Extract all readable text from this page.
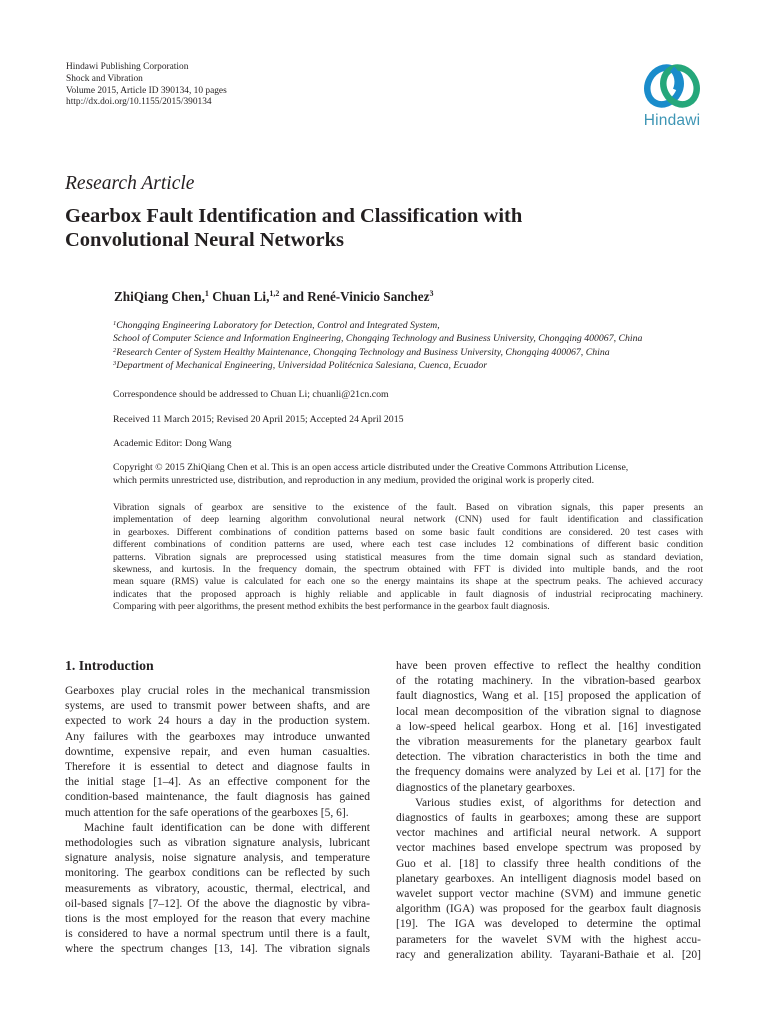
Hindawi Publishing Corporation
Shock and Vibration
Volume 2015, Article ID 390134, 10 pages
http://dx.doi.org/10.1155/2015/390134
Hindawi
Research Article
Gearbox Fault Identification and Classification with
Convolutional Neural Networks
ZhiQiang Chen,$^1$ Chuan Li,$^{1,2}$ and René-Vinicio Sanchez$^3$
$^1$Chongqing Engineering Laboratory for Detection, Control and Integrated System,
School of Computer Science and Information Engineering, Chongqing Technology and Business University, Chongqing 400067, China
$^2$Research Center of System Healthy Maintenance, Chongqing Technology and Business University, Chongqing 400067, China
$^3$Department of Mechanical Engineering, Universidad Politécnica Salesiana, Cuenca, Ecuador
Correspondence should be addressed to Chuan Li; chuanli@21cn.com
Received 11 March 2015; Revised 20 April 2015; Accepted 24 April 2015
Academic Editor: Dong Wang
Copyright © 2015 ZhiQiang Chen et al. This is an open access article distributed under the Creative Commons Attribution License,
which permits unrestricted use, distribution, and reproduction in any medium, provided the original work is properly cited.
Vibration signals of gearbox are sensitive to the existence of the fault. Based on vibration signals, this paper presents an
implementation of deep learning algorithm convolutional neural network (CNN) used for fault identification and classification
in gearboxes. Different combinations of condition patterns based on some basic fault conditions are considered. 20 test cases with
different combinations of condition patterns are used, where each test case includes 12 combinations of different basic condition
patterns. Vibration signals are preprocessed using statistical measures from the time domain signal such as standard deviation,
skewness, and kurtosis. In the frequency domain, the spectrum obtained with FFT is divided into multiple bands, and the root
mean square (RMS) value is calculated for each one so the energy maintains its shape at the spectrum peaks. The achieved accuracy
indicates that the proposed approach is highly reliable and applicable in fault diagnosis of industrial reciprocating machinery.
Comparing with peer algorithms, the present method exhibits the best performance in the gearbox fault diagnosis.
1. Introduction
Gearboxes play crucial roles in the mechanical transmission
systems, are used to transmit power between shafts, and are
expected to work 24 hours a day in the production system.
Any failures with the gearboxes may introduce unwanted
downtime, expensive repair, and even human casualties.
Therefore it is essential to detect and diagnose faults in
the initial stage [1–4]. As an effective component for the
condition-based maintenance, the fault diagnosis has gained
much attention for the safe operations of the gearboxes [5, 6].
Machine fault identification can be done with different
methodologies such as vibration signature analysis, lubricant
signature analysis, noise signature analysis, and temperature
monitoring. The gearbox conditions can be reflected by such
measurements as vibratory, acoustic, thermal, electrical, and
oil-based signals [7–12]. Of the above the diagnostic by vibra-
tions is the most employed for the reason that every machine
is considered to have a normal spectrum until there is a fault,
where the spectrum changes [13, 14]. The vibration signals
have been proven effective to reflect the healthy condition
of the rotating machinery. In the vibration-based gearbox
fault diagnostics, Wang et al. [15] proposed the application of
local mean decomposition of the vibration signal to diagnose
a low-speed helical gearbox. Hong et al. [16] investigated
the vibration measurements for the planetary gearbox fault
detection. The vibration characteristics in both the time and
the frequency domains were analyzed by Lei et al. [17] for the
diagnostics of the planetary gearboxes.
Various studies exist, of algorithms for detection and
diagnostics of faults in gearboxes; among these are support
vector machines and artificial neural network. A support
vector machines based envelope spectrum was proposed by
Guo et al. [18] to classify three health conditions of the
planetary gearboxes. An intelligent diagnosis model based on
wavelet support vector machine (SVM) and immune genetic
algorithm (IGA) was proposed for the gearbox fault diagnosis
[19]. The IGA was developed to determine the optimal
parameters for the wavelet SVM with the highest accu-
racy and generalization ability. Tayarani-Bathaie et al. [20]
